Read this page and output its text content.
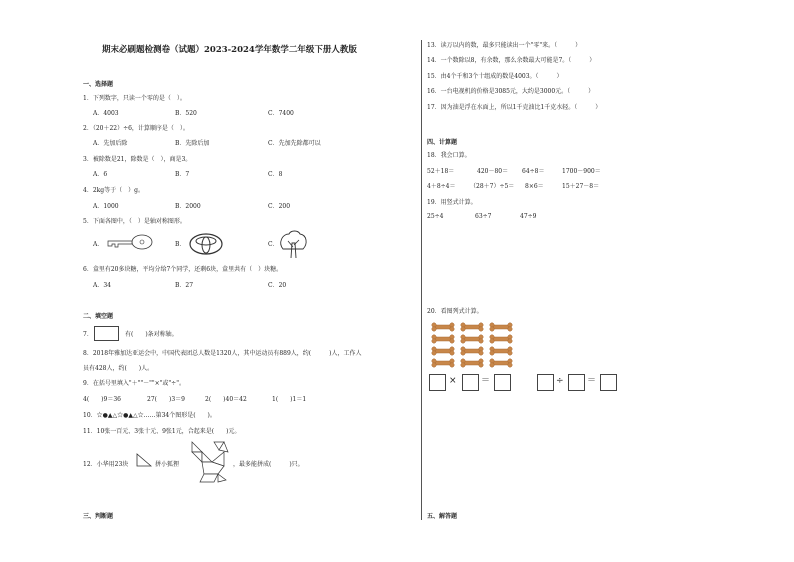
期末必刷题检测卷（试题）2023-2024学年数学二年级下册人教版
一、选择题
1．下列数字，只读一个零的是（　）。
A．4003	B．520	C．7400
2．（20＋22）÷6，计算顺序是（　）。
A．先加后除	B．先除后加	C．先加先除都可以
3．被除数是21，除数是（　），商是3。
A．6	B．7	C．8
4．2kg等于（　）g。
A．1000	B．2000	C．200
5．下面各图中，（　）是轴对称图形。
A．	B．	C．
6．盒里有20多块糖，平均分给7个同学，还剩6块，盒里共有（　）块糖。
A．34	B．27	C．20
二、填空题
7．	有(　　)条对称轴。
8．2018年雅加达亚运会中，中国代表团总人数是1320人，其中运动员有889人，约(　　　)人，工作人
员有428人，约(　　)人。
9．在括号里填入"＋""－""×"或"÷"。
4(　　)9＝36	27(　　)3＝9	2(　　)40＝42	1(　　)1＝1
10．☆●▲△☆●▲△☆……第34个图形是(　　)。
11．10张一百元、3张十元、9张1元，合起来是(　　)元。
12．小华用23块	拼小狐狸	，最多能拼成(　　　)只。
三、判断题
13．读万以内的数，最多只能读出一个"零"来。（　　　）
14．一个数除以8，有余数，那么余数最大可能是7。（　　　）
15．由4个千和3个十组成的数是4003。（　　　）
16．一台电视机的价格是3085元，大约是3000元。（　　　）
17．因为油是浮在水面上，所以1千克油比1千克水轻。（　　　）
四、计算题
18．我会口算。
52＋18＝	420－80＝ 64÷8＝	1700－900＝
4＋8÷4＝ （28＋7）÷5＝ 8×6＝	15＋27－8＝
19．用竖式计算。
25÷4	63÷7	47÷9
20．看图列式计算。
×	＝	÷	＝
五、解答题
